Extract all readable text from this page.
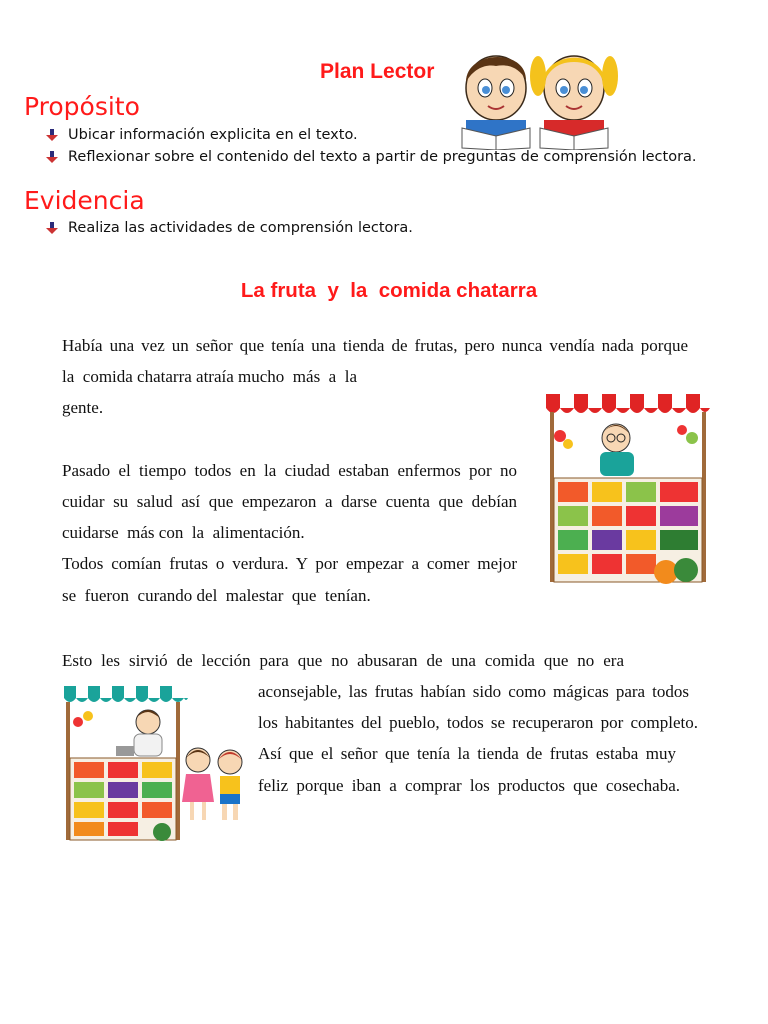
Plan Lector
Propósito
Ubicar información explicita en el texto.
Reflexionar sobre el contenido del texto a partir de preguntas de comprensión lectora.
Evidencia
Realiza las actividades de comprensión lectora.
La fruta  y  la  comida chatarra
Había una vez un señor que tenía una tienda de frutas, pero nunca vendía nada porque
la  comida chatarra atraía mucho  más  a  la
gente.
Pasado el tiempo todos en la ciudad estaban enfermos por no
cuidar su salud así que empezaron a darse cuenta que debían
cuidarse  más con  la  alimentación.
Todos comían frutas o verdura. Y por empezar a comer mejor
se  fueron  curando del  malestar  que  tenían.
Esto les sirvió de lección para que no abusaran de una comida que no era
aconsejable, las frutas habían sido como mágicas para todos
los habitantes del pueblo, todos se recuperaron por completo.
Así que el señor que tenía la tienda de frutas estaba muy
feliz porque iban a comprar los productos que cosechaba.
